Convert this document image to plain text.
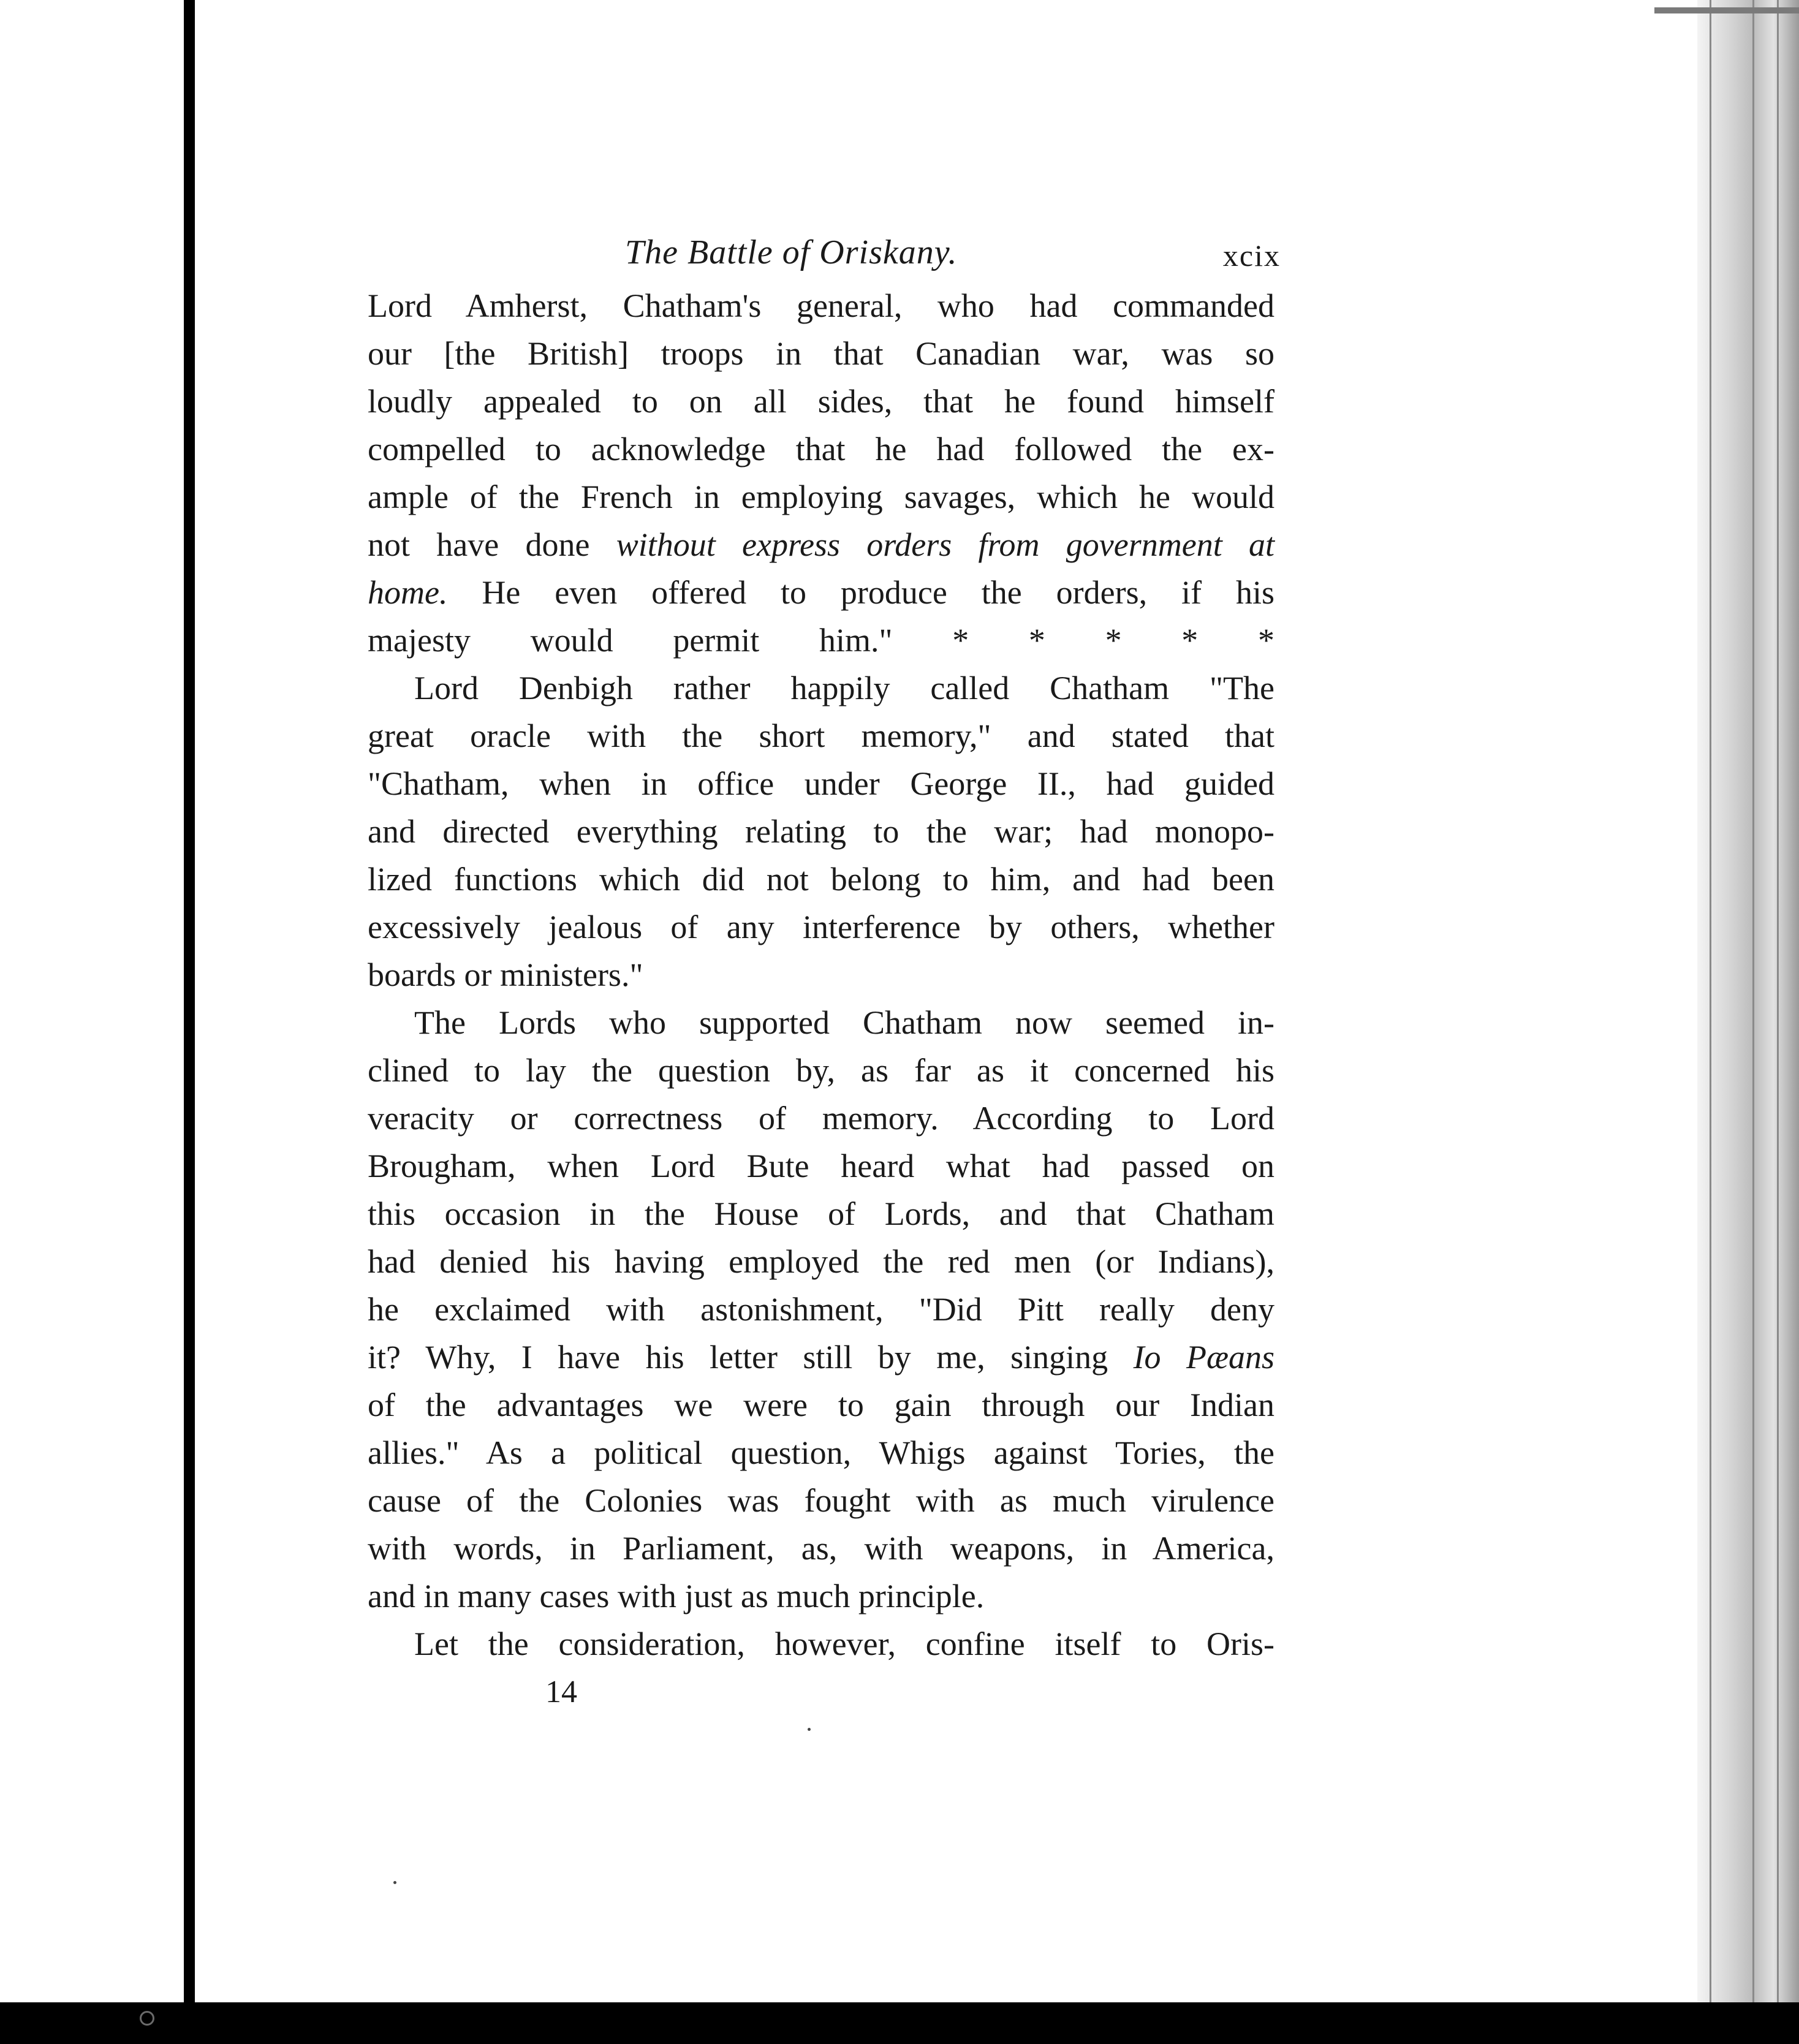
The Battle of Oriskany.	xcix

Lord Amherst, Chatham's general, who had commanded
our [the British] troops in that Canadian war, was so
loudly appealed to on all sides, that he found himself
compelled to acknowledge that he had followed the ex-
ample of the French in employing savages, which he would
not have done without express orders from government at
home. He even offered to produce the orders, if his
majesty would permit him." * * * * *

Lord Denbigh rather happily called Chatham "The
great oracle with the short memory," and stated that
"Chatham, when in office under George II., had guided
and directed everything relating to the war; had monopo-
lized functions which did not belong to him, and had been
excessively jealous of any interference by others, whether
boards or ministers."

The Lords who supported Chatham now seemed in-
clined to lay the question by, as far as it concerned his
veracity or correctness of memory. According to Lord
Brougham, when Lord Bute heard what had passed on
this occasion in the House of Lords, and that Chatham
had denied his having employed the red men (or Indians),
he exclaimed with astonishment, "Did Pitt really deny
it? Why, I have his letter still by me, singing Io Pæans
of the advantages we were to gain through our Indian
allies." As a political question, Whigs against Tories, the
cause of the Colonies was fought with as much virulence
with words, in Parliament, as, with weapons, in America,
and in many cases with just as much principle.

Let the consideration, however, confine itself to Oris-

14
